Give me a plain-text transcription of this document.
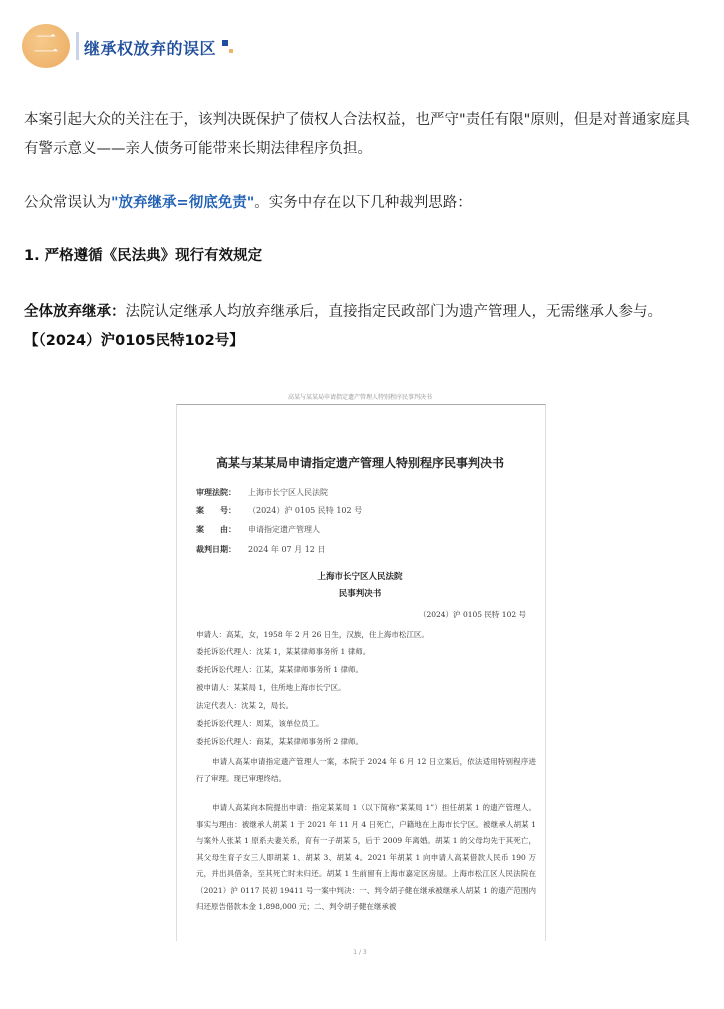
二 继承权放弃的误区
本案引起大众的关注在于，该判决既保护了债权人合法权益，也严守"责任有限"原则，但是对普通家庭具有警示意义——亲人债务可能带来长期法律程序负担。
公众常误认为"放弃继承=彻底免责"。实务中存在以下几种裁判思路：
1. 严格遵循《民法典》现行有效规定
全体放弃继承：法院认定继承人均放弃继承后，直接指定民政部门为遗产管理人，无需继承人参与。【（2024）沪0105民特102号】
高某与某某局申请指定遗产管理人特别程序民事判决书
高某与某某局申请指定遗产管理人特别程序民事判决书
审理法院： 上海市长宁区人民法院
案　　号： （2024）沪 0105 民特 102 号
案　　由： 申请指定遗产管理人
裁判日期： 2024 年 07 月 12 日
上海市长宁区人民法院
民事判决书
（2024）沪 0105 民特 102 号
申请人：高某，女，1958 年 2 月 26 日生，汉族，住上海市松江区。
委托诉讼代理人：沈某 1，某某律师事务所 1 律师。
委托诉讼代理人：江某，某某律师事务所 1 律师。
被申请人：某某局 1，住所地上海市长宁区。
法定代表人：沈某 2，局长。
委托诉讼代理人：周某，该单位员工。
委托诉讼代理人：商某，某某律师事务所 2 律师。
申请人高某申请指定遗产管理人一案，本院于 2024 年 6 月 12 日立案后，依法适用特别程序进行了审理。现已审理终结。
申请人高某向本院提出申请：指定某某局 1（以下简称“某某局 1”）担任胡某 1 的遗产管理人。事实与理由：被继承人胡某 1 于 2021 年 11 月 4 日死亡，户籍地在上海市长宁区。被继承人胡某 1 与案外人张某 1 原系夫妻关系，育有一子胡某 5，后于 2009 年离婚。胡某 1 的父母均先于其死亡，其父母生育子女三人即胡某 1、胡某 3、胡某 4。2021 年胡某 1 向申请人高某借款人民币 190 万元，并出具借条，至其死亡时未归还。胡某 1 生前留有上海市嘉定区房屋。上海市松江区人民法院在（2021）沪 0117 民初 19411 号一案中判决：一、判令胡子健在继承被继承人胡某 1 的遗产范围内归还原告借款本金 1,898,000 元；二、判令胡子健在继承被
1 / 3
